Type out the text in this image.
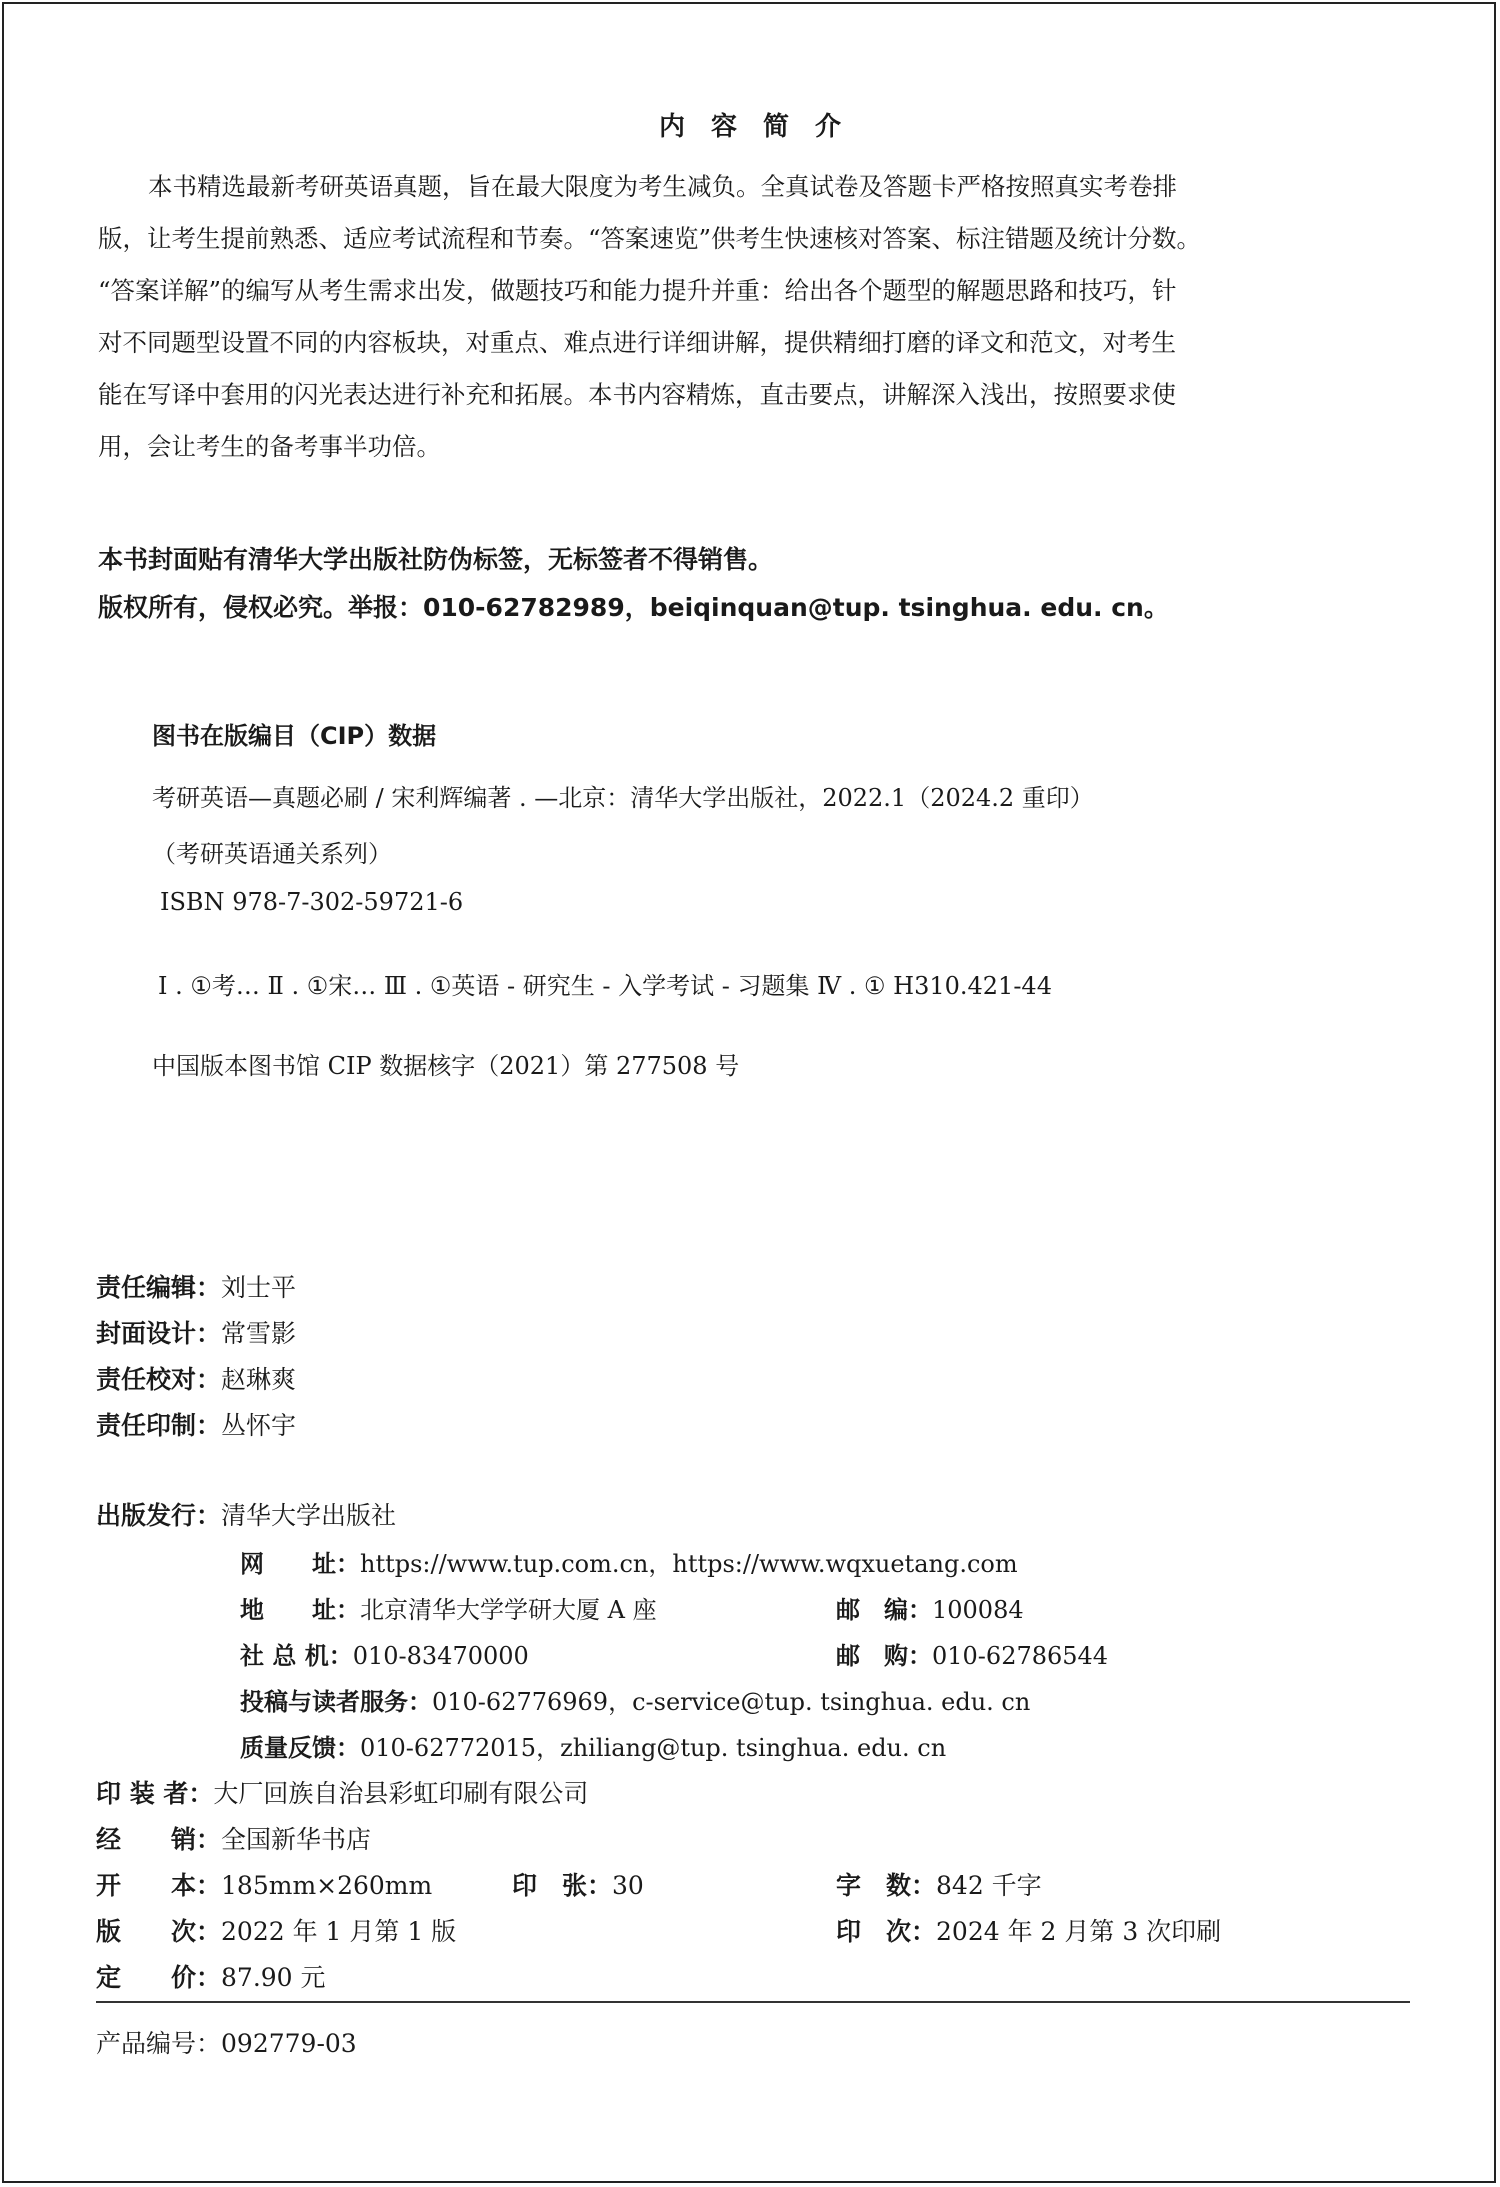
内容简介
本书精选最新考研英语真题，旨在最大限度为考生减负。全真试卷及答题卡严格按照真实考卷排
版，让考生提前熟悉、适应考试流程和节奏。“答案速览”供考生快速核对答案、标注错题及统计分数。
“答案详解”的编写从考生需求出发，做题技巧和能力提升并重：给出各个题型的解题思路和技巧，针
对不同题型设置不同的内容板块，对重点、难点进行详细讲解，提供精细打磨的译文和范文，对考生
能在写译中套用的闪光表达进行补充和拓展。本书内容精炼，直击要点，讲解深入浅出，按照要求使
用，会让考生的备考事半功倍。
本书封面贴有清华大学出版社防伪标签，无标签者不得销售。
版权所有，侵权必究。举报：010-62782989，beiqinquan@tup. tsinghua. edu. cn。
图书在版编目（CIP）数据
考研英语—真题必刷 / 宋利辉编著 . —北京：清华大学出版社，2022.1（2024.2 重印）
（考研英语通关系列）
ISBN 978-7-302-59721-6
Ⅰ . ①考… Ⅱ . ①宋… Ⅲ . ①英语 - 研究生 - 入学考试 - 习题集 Ⅳ . ① H310.421-44
中国版本图书馆 CIP 数据核字（2021）第 277508 号
责任编辑：刘士平
封面设计：常雪影
责任校对：赵琳爽
责任印制：丛怀宇
出版发行：清华大学出版社
网　　址：https://www.tup.com.cn，https://www.wqxuetang.com
地　　址：北京清华大学学研大厦 A 座	邮　编：100084
社 总 机：010-83470000	邮　购：010-62786544
投稿与读者服务：010-62776969，c-service@tup. tsinghua. edu. cn
质量反馈：010-62772015，zhiliang@tup. tsinghua. edu. cn
印 装 者：大厂回族自治县彩虹印刷有限公司
经　　销：全国新华书店
开　　本：185mm×260mm	印　张：30	字　数：842 千字
版　　次：2022 年 1 月第 1 版	印　次：2024 年 2 月第 3 次印刷
定　　价：87.90 元
产品编号：092779-03
